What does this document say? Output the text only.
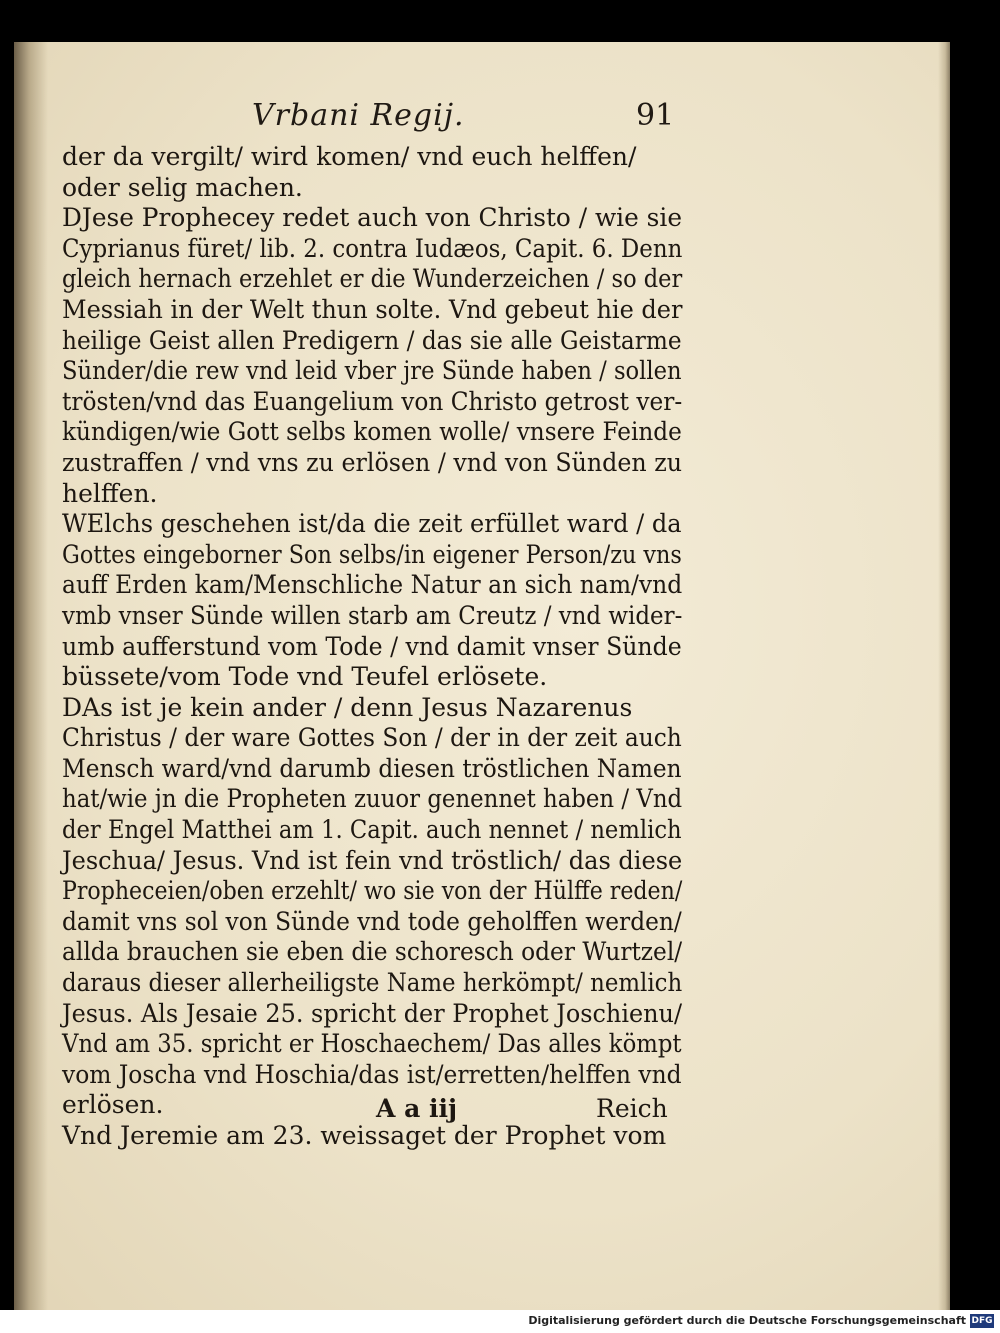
Vrbani Regij.	91
der da vergilt/ wird komen/ vnd euch helffen/
oder selig machen.
DJese Prophecey redet auch von Christo / wie sie
Cyprianus füret/ lib. 2. contra Iudæos, Capit. 6. Denn
gleich hernach erzehlet er die Wunderzeichen / so der
Messiah in der Welt thun solte. Vnd gebeut hie der
heilige Geist allen Predigern / das sie alle Geistarme
Sünder/die rew vnd leid vber jre Sünde haben / sollen
trösten/vnd das Euangelium von Christo getrost ver-
kündigen/wie Gott selbs komen wolle/ vnsere Feinde
zustraffen / vnd vns zu erlösen / vnd von Sünden zu
helffen.
WElchs geschehen ist/da die zeit erfüllet ward / da
Gottes eingeborner Son selbs/in eigener Person/zu vns
auff Erden kam/Menschliche Natur an sich nam/vnd
vmb vnser Sünde willen starb am Creutz / vnd wider-
umb aufferstund vom Tode / vnd damit vnser Sünde
büssete/vom Tode vnd Teufel erlösete.
DAs ist je kein ander / denn Jesus Nazarenus
Christus / der ware Gottes Son / der in der zeit auch
Mensch ward/vnd darumb diesen tröstlichen Namen
hat/wie jn die Propheten zuuor genennet haben / Vnd
der Engel Matthei am 1. Capit. auch nennet / nemlich
Jeschua/ Jesus. Vnd ist fein vnd tröstlich/ das diese
Propheceien/oben erzehlt/ wo sie von der Hülffe reden/
damit vns sol von Sünde vnd tode geholffen werden/
allda brauchen sie eben die schoresch oder Wurtzel/
daraus dieser allerheiligste Name herkömpt/ nemlich
Jesus. Als Jesaie 25. spricht der Prophet Joschienu/
Vnd am 35. spricht er Hoschaechem/ Das alles kömpt
vom Joscha vnd Hoschia/das ist/erretten/helffen vnd
erlösen.
Vnd Jeremie am 23. weissaget der Prophet vom
A a iij	Reich
Digitalisierung gefördert durch die Deutsche Forschungsgemeinschaft DFG
